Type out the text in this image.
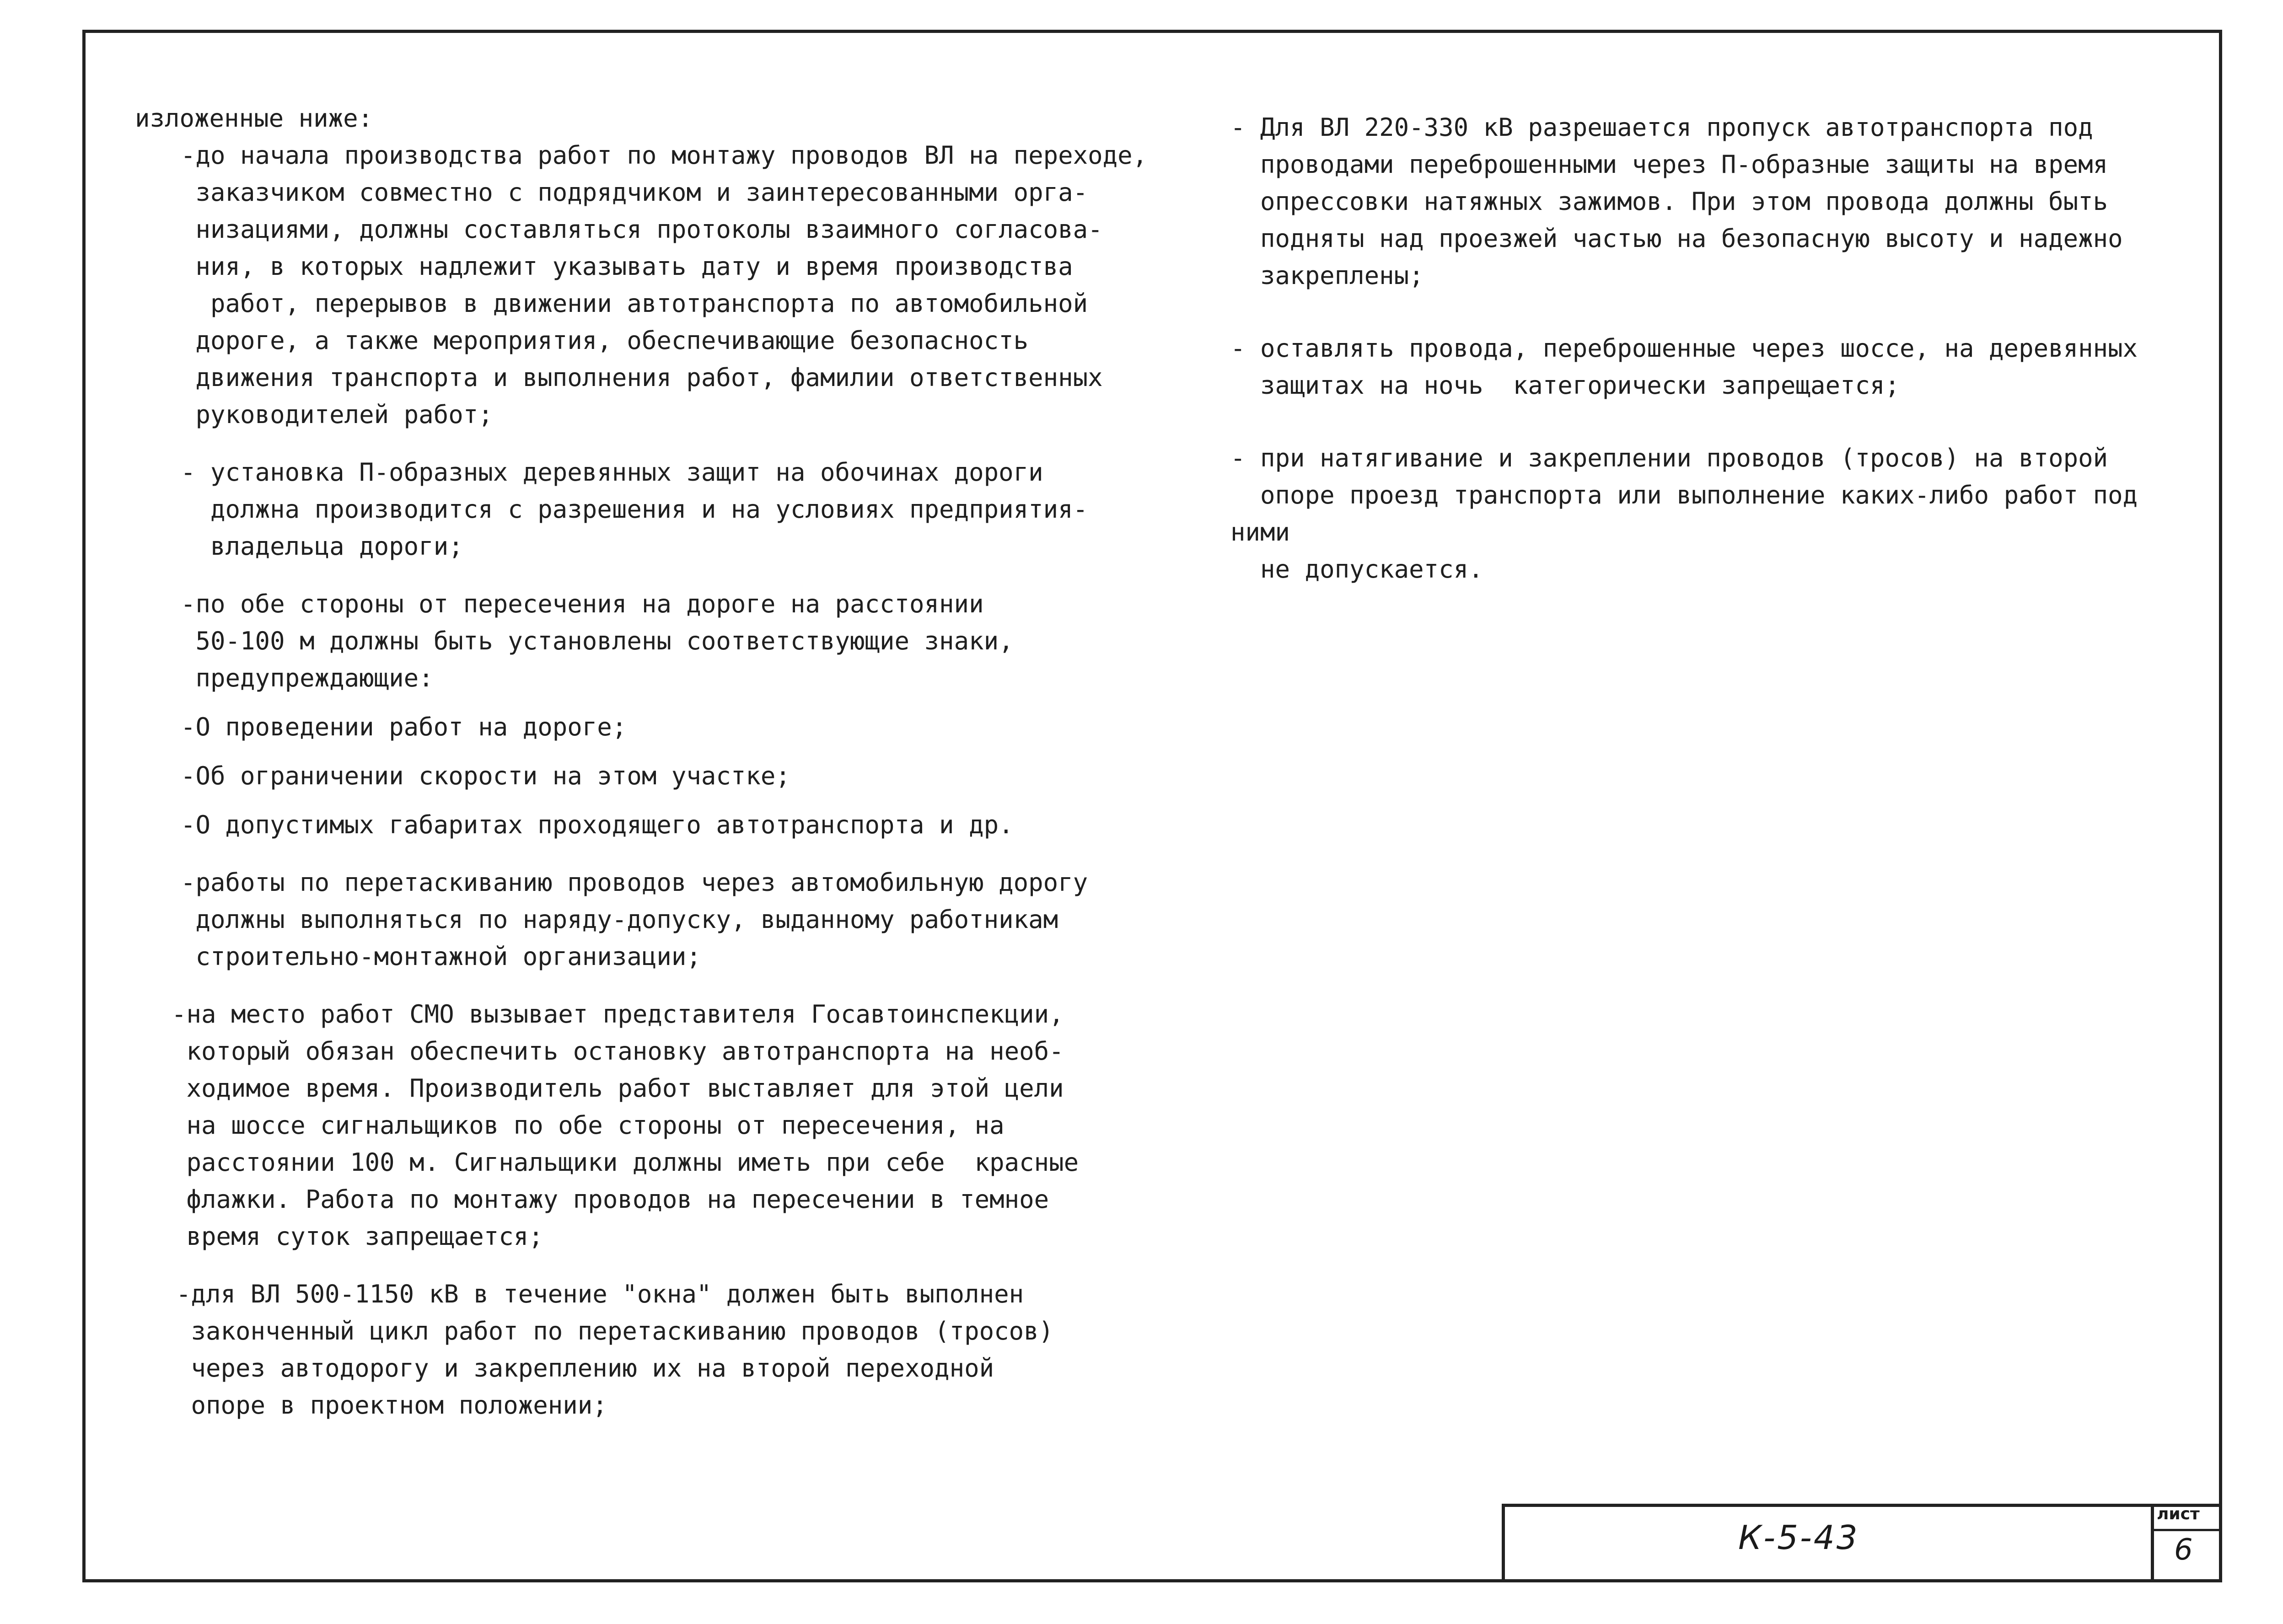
изложенные ниже:
-до начала производства работ по монтажу проводов ВЛ на переходе,
заказчиком совместно с подрядчиком и заинтересованными орга-
низациями, должны составляться протоколы взаимного согласова-
ния, в которых надлежит указывать дату и время производства
работ, перерывов в движении автотранспорта по автомобильной
дороге, а также мероприятия, обеспечивающие безопасность
движения транспорта и выполнения работ, фамилии ответственных
руководителей работ;
- установка П-образных деревянных защит на обочинах дороги
должна производится с разрешения и на условиях предприятия-
владельца дороги;
-по обе стороны от пересечения на дороге на расстоянии
50-100 м должны быть установлены соответствующие знаки,
предупреждающие:
-О проведении работ на дороге;
-Об ограничении скорости на этом участке;
-О допустимых габаритах проходящего автотранспорта и др.
-работы по перетаскиванию проводов через автомобильную дорогу
должны выполняться по наряду-допуску, выданному работникам
строительно-монтажной организации;
-на место работ СМО вызывает представителя Госавтоинспекции,
который обязан обеспечить остановку автотранспорта на необ-
ходимое время. Производитель работ выставляет для этой цели
на шоссе сигнальщиков по обе стороны от пересечения, на
расстоянии 100 м. Сигнальщики должны иметь при себе  красные
флажки. Работа по монтажу проводов на пересечении в темное
время суток запрещается;
-для ВЛ 500-1150 кВ в течение "окна" должен быть выполнен
законченный цикл работ по перетаскиванию проводов (тросов)
через автодорогу и закреплению их на второй переходной
опоре в проектном положении;
- Для ВЛ 220-330 кВ разрешается пропуск автотранспорта под
проводами переброшенными через П-образные защиты на время
опрессовки натяжных зажимов. При этом провода должны быть
подняты над проезжей частью на безопасную высоту и надежно
закреплены;
- оставлять провода, переброшенные через шоссе, на деревянных
защитах на ночь  категорически запрещается;
- при натягивание и закреплении проводов (тросов) на второй
опоре проезд транспорта или выполнение каких-либо работ под ними
не допускается.
К-5-43
лист
6
